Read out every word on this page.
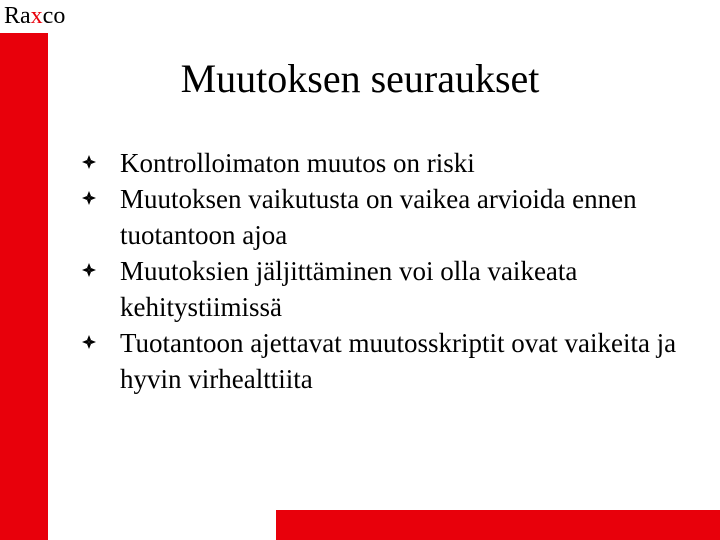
Raxco
Muutoksen seuraukset
Kontrolloimaton muutos on riski
Muutoksen vaikutusta on vaikea arvioida ennen tuotantoon ajoa
Muutoksien jäljittäminen voi olla vaikeata kehitystiimissä
Tuotantoon ajettavat muutosskriptit ovat vaikeita ja hyvin virhealttiita
